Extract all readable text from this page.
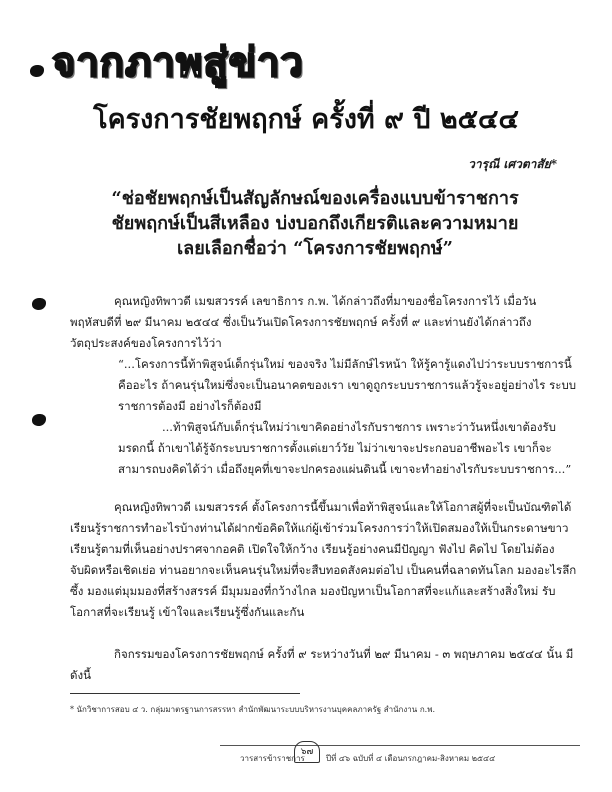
จากภาพสู่ข่าว
โครงการชัยพฤกษ์ ครั้งที่ ๙ ปี ๒๕๔๔
วารุณี เศวตาสัย*
“ช่อชัยพฤกษ์เป็นสัญลักษณ์ของเครื่องแบบข้าราชการ
ชัยพฤกษ์เป็นสีเหลือง บ่งบอกถึงเกียรติและความหมาย
เลยเลือกชื่อว่า “โครงการชัยพฤกษ์”

คุณหญิงทิพาวดี เมฆสวรรค์ เลขาธิการ ก.พ. ได้กล่าวถึงที่มาของชื่อโครงการไว้ เมื่อวันพฤหัสบดีที่ ๒๙ มีนาคม ๒๕๔๔ ซึ่งเป็นวันเปิดโครงการชัยพฤกษ์ ครั้งที่ ๙ และท่านยังได้กล่าวถึงวัตถุประสงค์ของโครงการไว้ว่า

“...โครงการนี้ท้าพิสูจน์เด็กรุ่นใหม่ ของจริง ไม่มีลักษ์ไรหน้า ให้รู้คารู้แดงไปว่าระบบราชการนี้คืออะไร ถ้าคนรุ่นใหม่ซึ่งจะเป็นอนาคตของเรา เขาดูถูกระบบราชการแล้วรู้จะอยู่อย่างไร ระบบราชการต้องมี อย่างไรก็ต้องมี

...ท้าพิสูจน์กับเด็กรุ่นใหม่ว่าเขาคิดอย่างไรกับราชการ เพราะว่าวันหนึ่งเขาต้องรับมรดกนี้ ถ้าเขาได้รู้จักระบบราชการตั้งแต่เยาว์วัย ไม่ว่าเขาจะประกอบอาชีพอะไร เขาก็จะสามารถบงคิดได้ว่า เมื่อถึงยุคที่เขาจะปกครองแผ่นดินนี้ เขาจะทำอย่างไรกับระบบราชการ...”

คุณหญิงทิพาวดี เมฆสวรรค์ ตั้งโครงการนี้ขึ้นมาเพื่อท้าพิสูจน์และให้โอกาสผู้ที่จะเป็นบัณฑิตได้เรียนรู้ราชการทำอะไรบ้างท่านได้ฝากข้อคิดให้แก่ผู้เข้าร่วมโครงการว่าให้เปิดสมองให้เป็นกระดาษขาว เรียนรู้ตามที่เห็นอย่างปราศจากอคติ เปิดใจให้กว้าง เรียนรู้อย่างคนมีปัญญา ฟังไป คิดไป โดยไม่ต้องจับผิดหรือเชิดเย่อ ท่านอยากจะเห็นคนรุ่นใหม่ที่จะสืบทอดสังคมต่อไป เป็นคนที่ฉลาดทันโลก มองอะไรลึกซึ้ง มองแต่มุมมองที่สร้างสรรค์ มีมุมมองที่กว้างไกล มองปัญหาเป็นโอกาสที่จะแก้และสร้างสิ่งใหม่ รับโอกาสที่จะเรียนรู้ เข้าใจและเรียนรู้ซึ่งกันและกัน

กิจกรรมของโครงการชัยพฤกษ์ ครั้งที่ ๙ ระหว่างวันที่ ๒๙ มีนาคม - ๓ พฤษภาคม ๒๕๔๔ นั้น มีดังนี้

* นักวิชาการสอบ ๔ ว. กลุ่มมาตรฐานการสรรหา สำนักพัฒนาระบบบริหารงานบุคคลภาครัฐ สำนักงาน ก.พ.
วารสารข้าราชการ
๖๗
ปีที่ ๔๖ ฉบับที่ ๔ เดือนกรกฎาคม-สิงหาคม ๒๕๔๔
